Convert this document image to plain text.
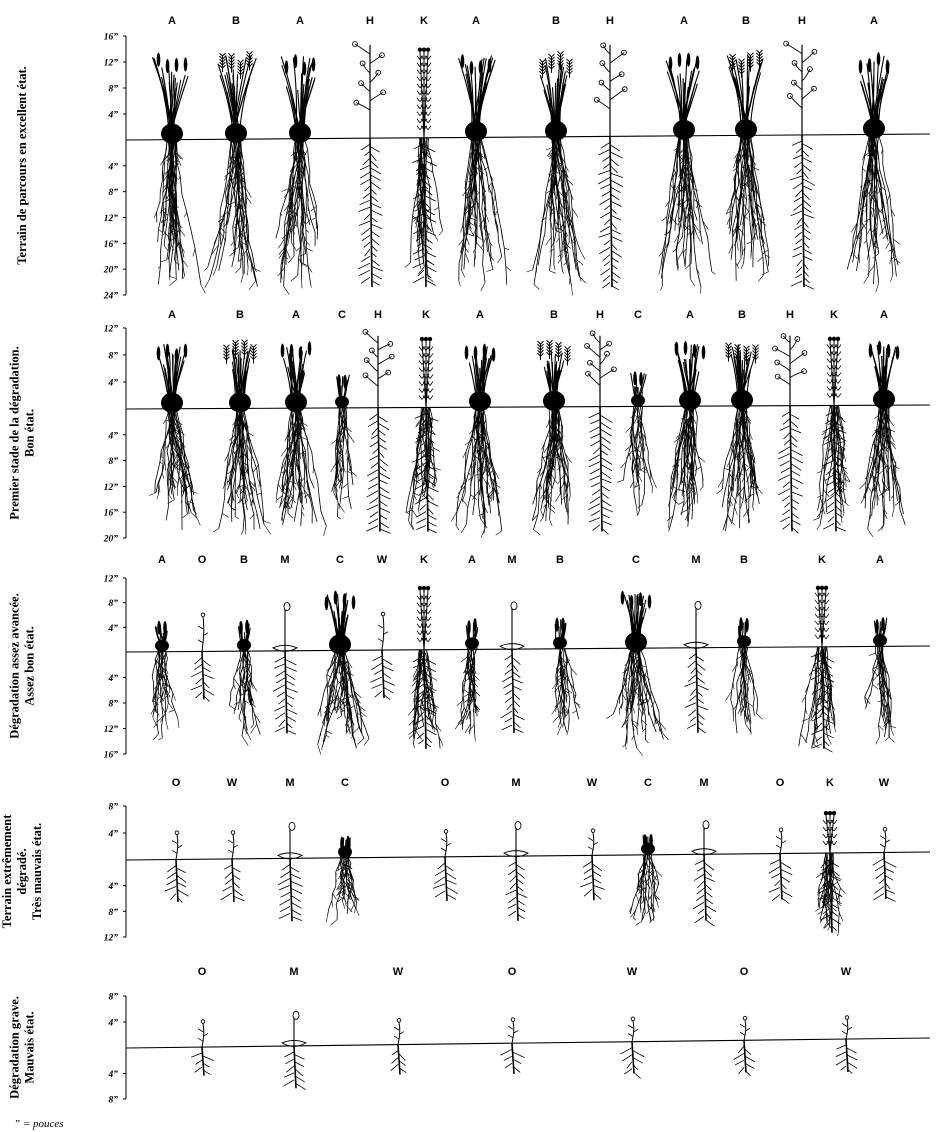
16”
12”
8”
4”
4”
8”
12”
16”
20”
24”
Terrain de parcours en excellent état.
A	B	A	H	K	A	B	H	A	B	H	A
12”
8”
4”
4”
8”
12”
16”
20”
Premier stade de la dégradation. Bon état.
A	B	A	C	H	K	A	B	H	C	A	B	H	K	A
12”
8”
4”
4”
8”
12”
16”
Dégradation assez avancée. Assez bon état.
A	O	B	M	C	W	K	A	M	B	C	M	B	K	A
8”
4”
4”
8”
12”
Terrain extrêmement dégradé. Très mauvais état.
O	W	M	C	O	M	W	C	M	O	K	W
8”
4”
4”
8”
Dégradation grave. Mauvais état.
O	M	W	O	W	O	W
” = pouces
